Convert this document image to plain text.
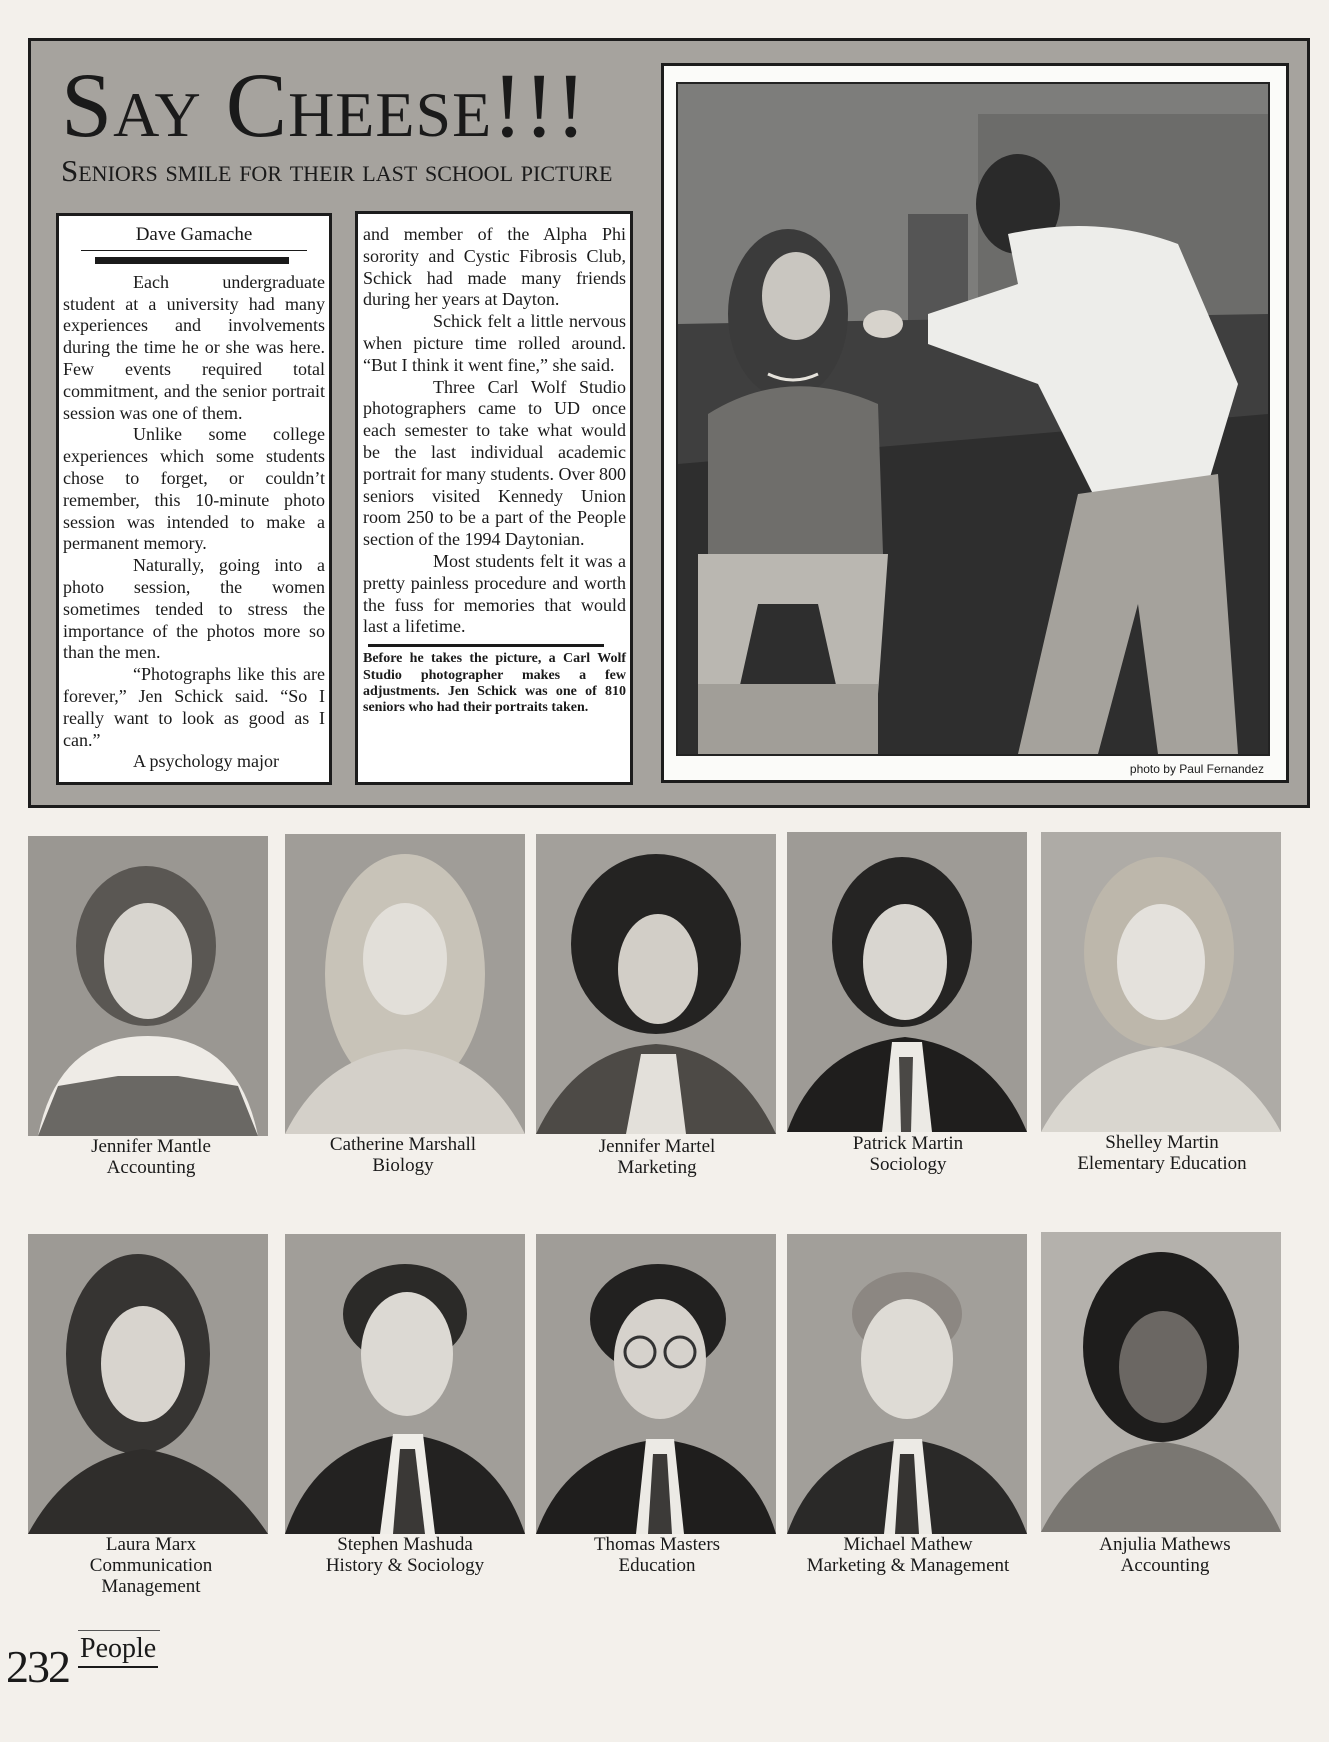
Say Cheese!!!
Seniors smile for their last school picture
Dave Gamache

Each undergraduate student at a university had many experiences and involvements during the time he or she was here. Few events required total commitment, and the senior portrait session was one of them.

Unlike some college experiences which some students chose to forget, or couldn’t remember, this 10-minute photo session was intended to make a permanent memory.

Naturally, going into a photo session, the women sometimes tended to stress the importance of the photos more so than the men.

“Photographs like this are forever,” Jen Schick said. “So I really want to look as good as I can.”

A psychology major

and member of the Alpha Phi sorority and Cystic Fibrosis Club, Schick had made many friends during her years at Dayton.

Schick felt a little nervous when picture time rolled around. “But I think it went fine,” she said.

Three Carl Wolf Studio photographers came to UD once each semester to take what would be the last individual academic portrait for many students. Over 800 seniors visited Kennedy Union room 250 to be a part of the People section of the 1994 Daytonian.

Most students felt it was a pretty painless procedure and worth the fuss for memories that would last a lifetime.

Before he takes the picture, a Carl Wolf Studio photographer makes a few adjustments. Jen Schick was one of 810 seniors who had their portraits taken.
photo by Paul Fernandez
Jennifer Mantle
Accounting
Catherine Marshall
Biology
Jennifer Martel
Marketing
Patrick Martin
Sociology
Shelley Martin
Elementary Education
Laura Marx
Communication Management
Stephen Mashuda
History & Sociology
Thomas Masters
Education
Michael Mathew
Marketing & Management
Anjulia Mathews
Accounting
232 People
